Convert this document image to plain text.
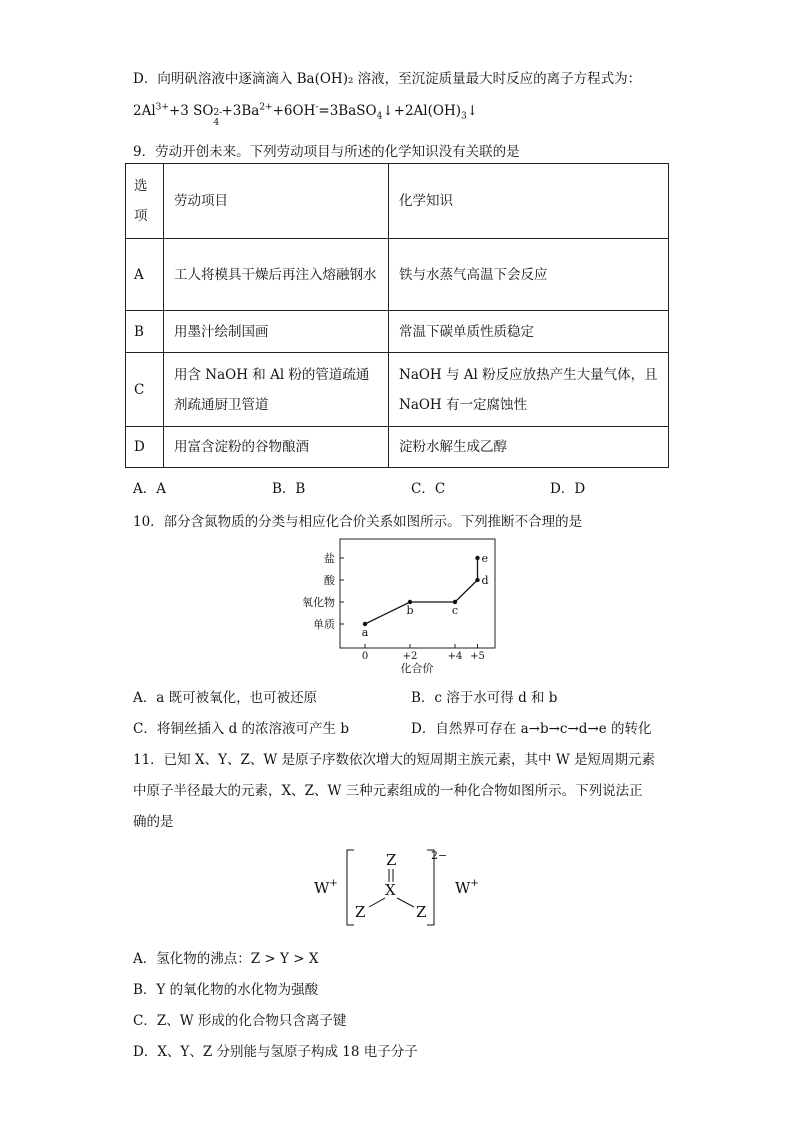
D．向明矾溶液中逐滴滴入 Ba(OH)₂ 溶液，至沉淀质量最大时反应的离子方程式为：
$2Al^{3+}+3$ SO 2-
4
$+3Ba^{2+}+6OH^-=3BaSO_4↓+2Al(OH)_3↓$
9．劳动开创未来。下列劳动项目与所述的化学知识没有关联的是
选项	劳动项目	化学知识
A	工人将模具干燥后再注入熔融钢水	铁与水蒸气高温下会反应
B	用墨汁绘制国画	常温下碳单质性质稳定
C	用含 NaOH 和 Al 粉的管道疏通剂疏通厨卫管道	NaOH 与 Al 粉反应放热产生大量气体，且 NaOH 有一定腐蚀性
D	用富含淀粉的谷物酿酒	淀粉水解生成乙醇
A．A	B．B	C．C	D．D
10．部分含氮物质的分类与相应化合价关系如图所示。下列推断不合理的是
单质
氧化物
酸
盐
0	+2	+4 +5
化合价
a
b	c
d
e
A．a 既可被氧化，也可被还原	B．c 溶于水可得 d 和 b
C．将铜丝插入 d 的浓溶液可产生 b	D．自然界可存在 a→b→c→d→e 的转化
11．已知 X、Y、Z、W 是原子序数依次增大的短周期主族元素，其中 W 是短周期元素
中原子半径最大的元素，X、Z、W 三种元素组成的一种化合物如图所示。下列说法正
确的是
W+	W+
Z
X
Z	Z
2−
A．氢化物的沸点：Z > Y > X
B．Y 的氧化物的水化物为强酸
C．Z、W 形成的化合物只含离子键
D．X、Y、Z 分别能与氢原子构成 18 电子分子
